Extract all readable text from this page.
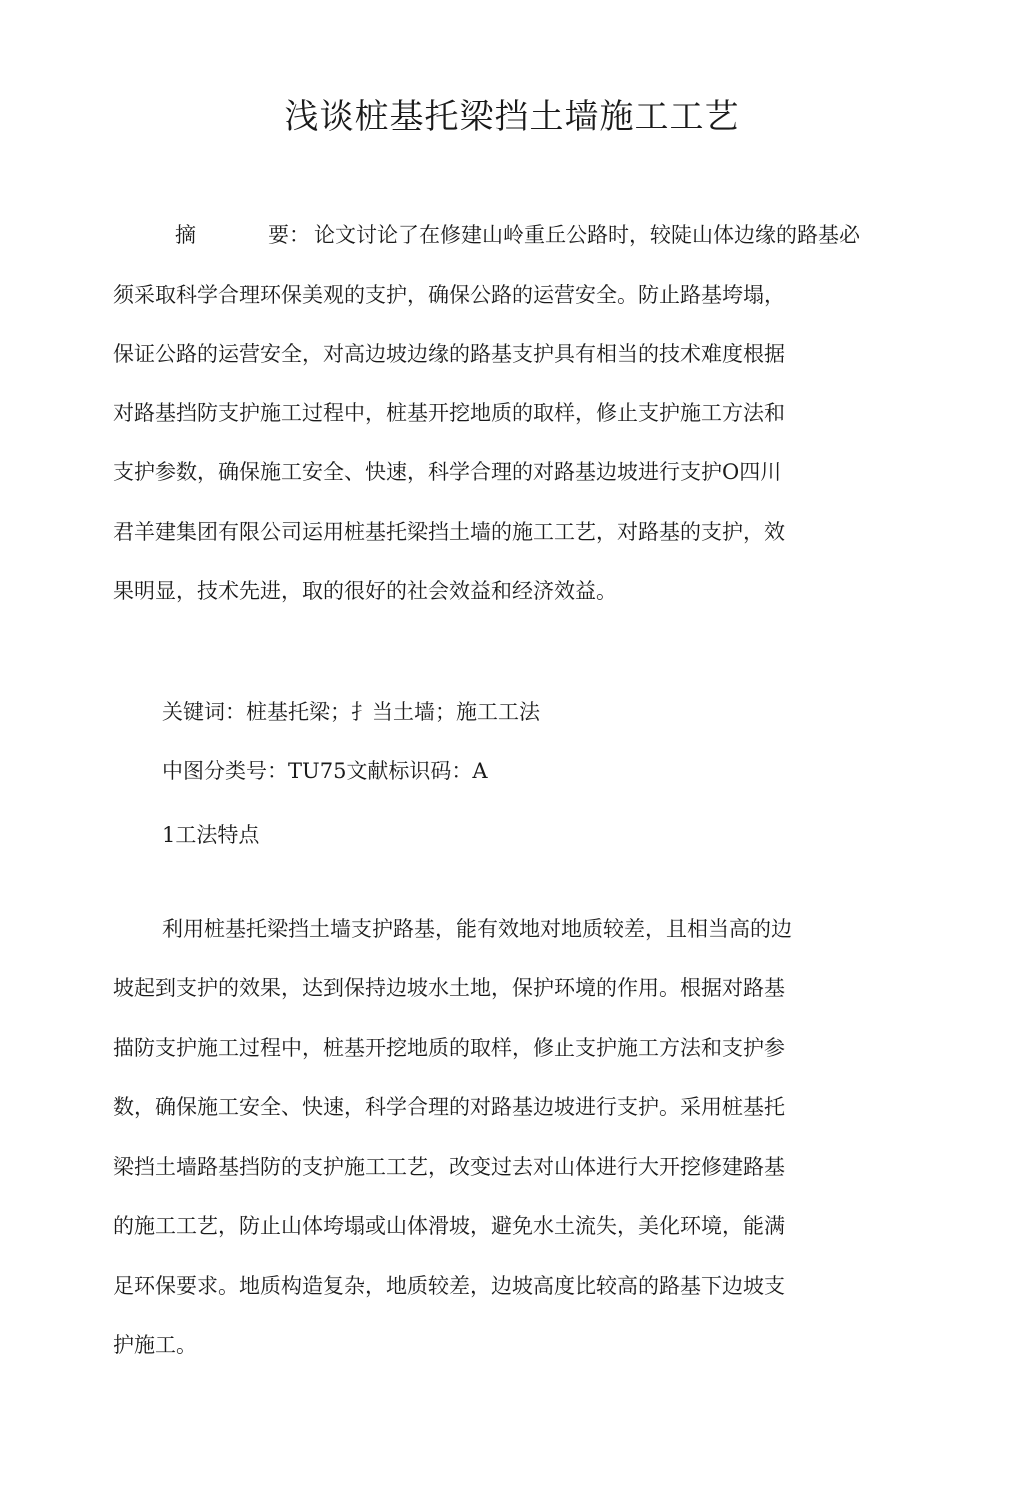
浅谈桩基托梁挡土墙施工工艺
摘	要： 论文讨论了在修建山岭重丘公路时，较陡山体边缘的路基必
须采取科学合理环保美观的支护，确保公路的运营安全。防止路基垮塌，
保证公路的运营安全，对高边坡边缘的路基支护具有相当的技术难度根据
对路基挡防支护施工过程中，桩基开挖地质的取样，修止支护施工方法和
支护参数，确保施工安全、快速，科学合理的对路基边坡进行支护O四川
君羊建集团有限公司运用桩基托梁挡土墙的施工工艺，对路基的支护，效
果明显，技术先进，取的很好的社会效益和经济效益。
关键词：桩基托梁；扌当土墙；施工工法
中图分类号：TU75文献标识码：A
1工法特点
利用桩基托梁挡土墙支护路基，能有效地对地质较差，且相当高的边
坡起到支护的效果，达到保持边坡水土地，保护环境的作用。根据对路基
描防支护施工过程中，桩基开挖地质的取样，修止支护施工方法和支护参
数，确保施工安全、快速，科学合理的对路基边坡进行支护。采用桩基托
梁挡土墙路基挡防的支护施工工艺，改变过去对山体进行大开挖修建路基
的施工工艺，防止山体垮塌或山体滑坡，避免水土流失，美化环境，能满
足环保要求。地质构造复杂，地质较差，边坡高度比较高的路基下边坡支
护施工。
